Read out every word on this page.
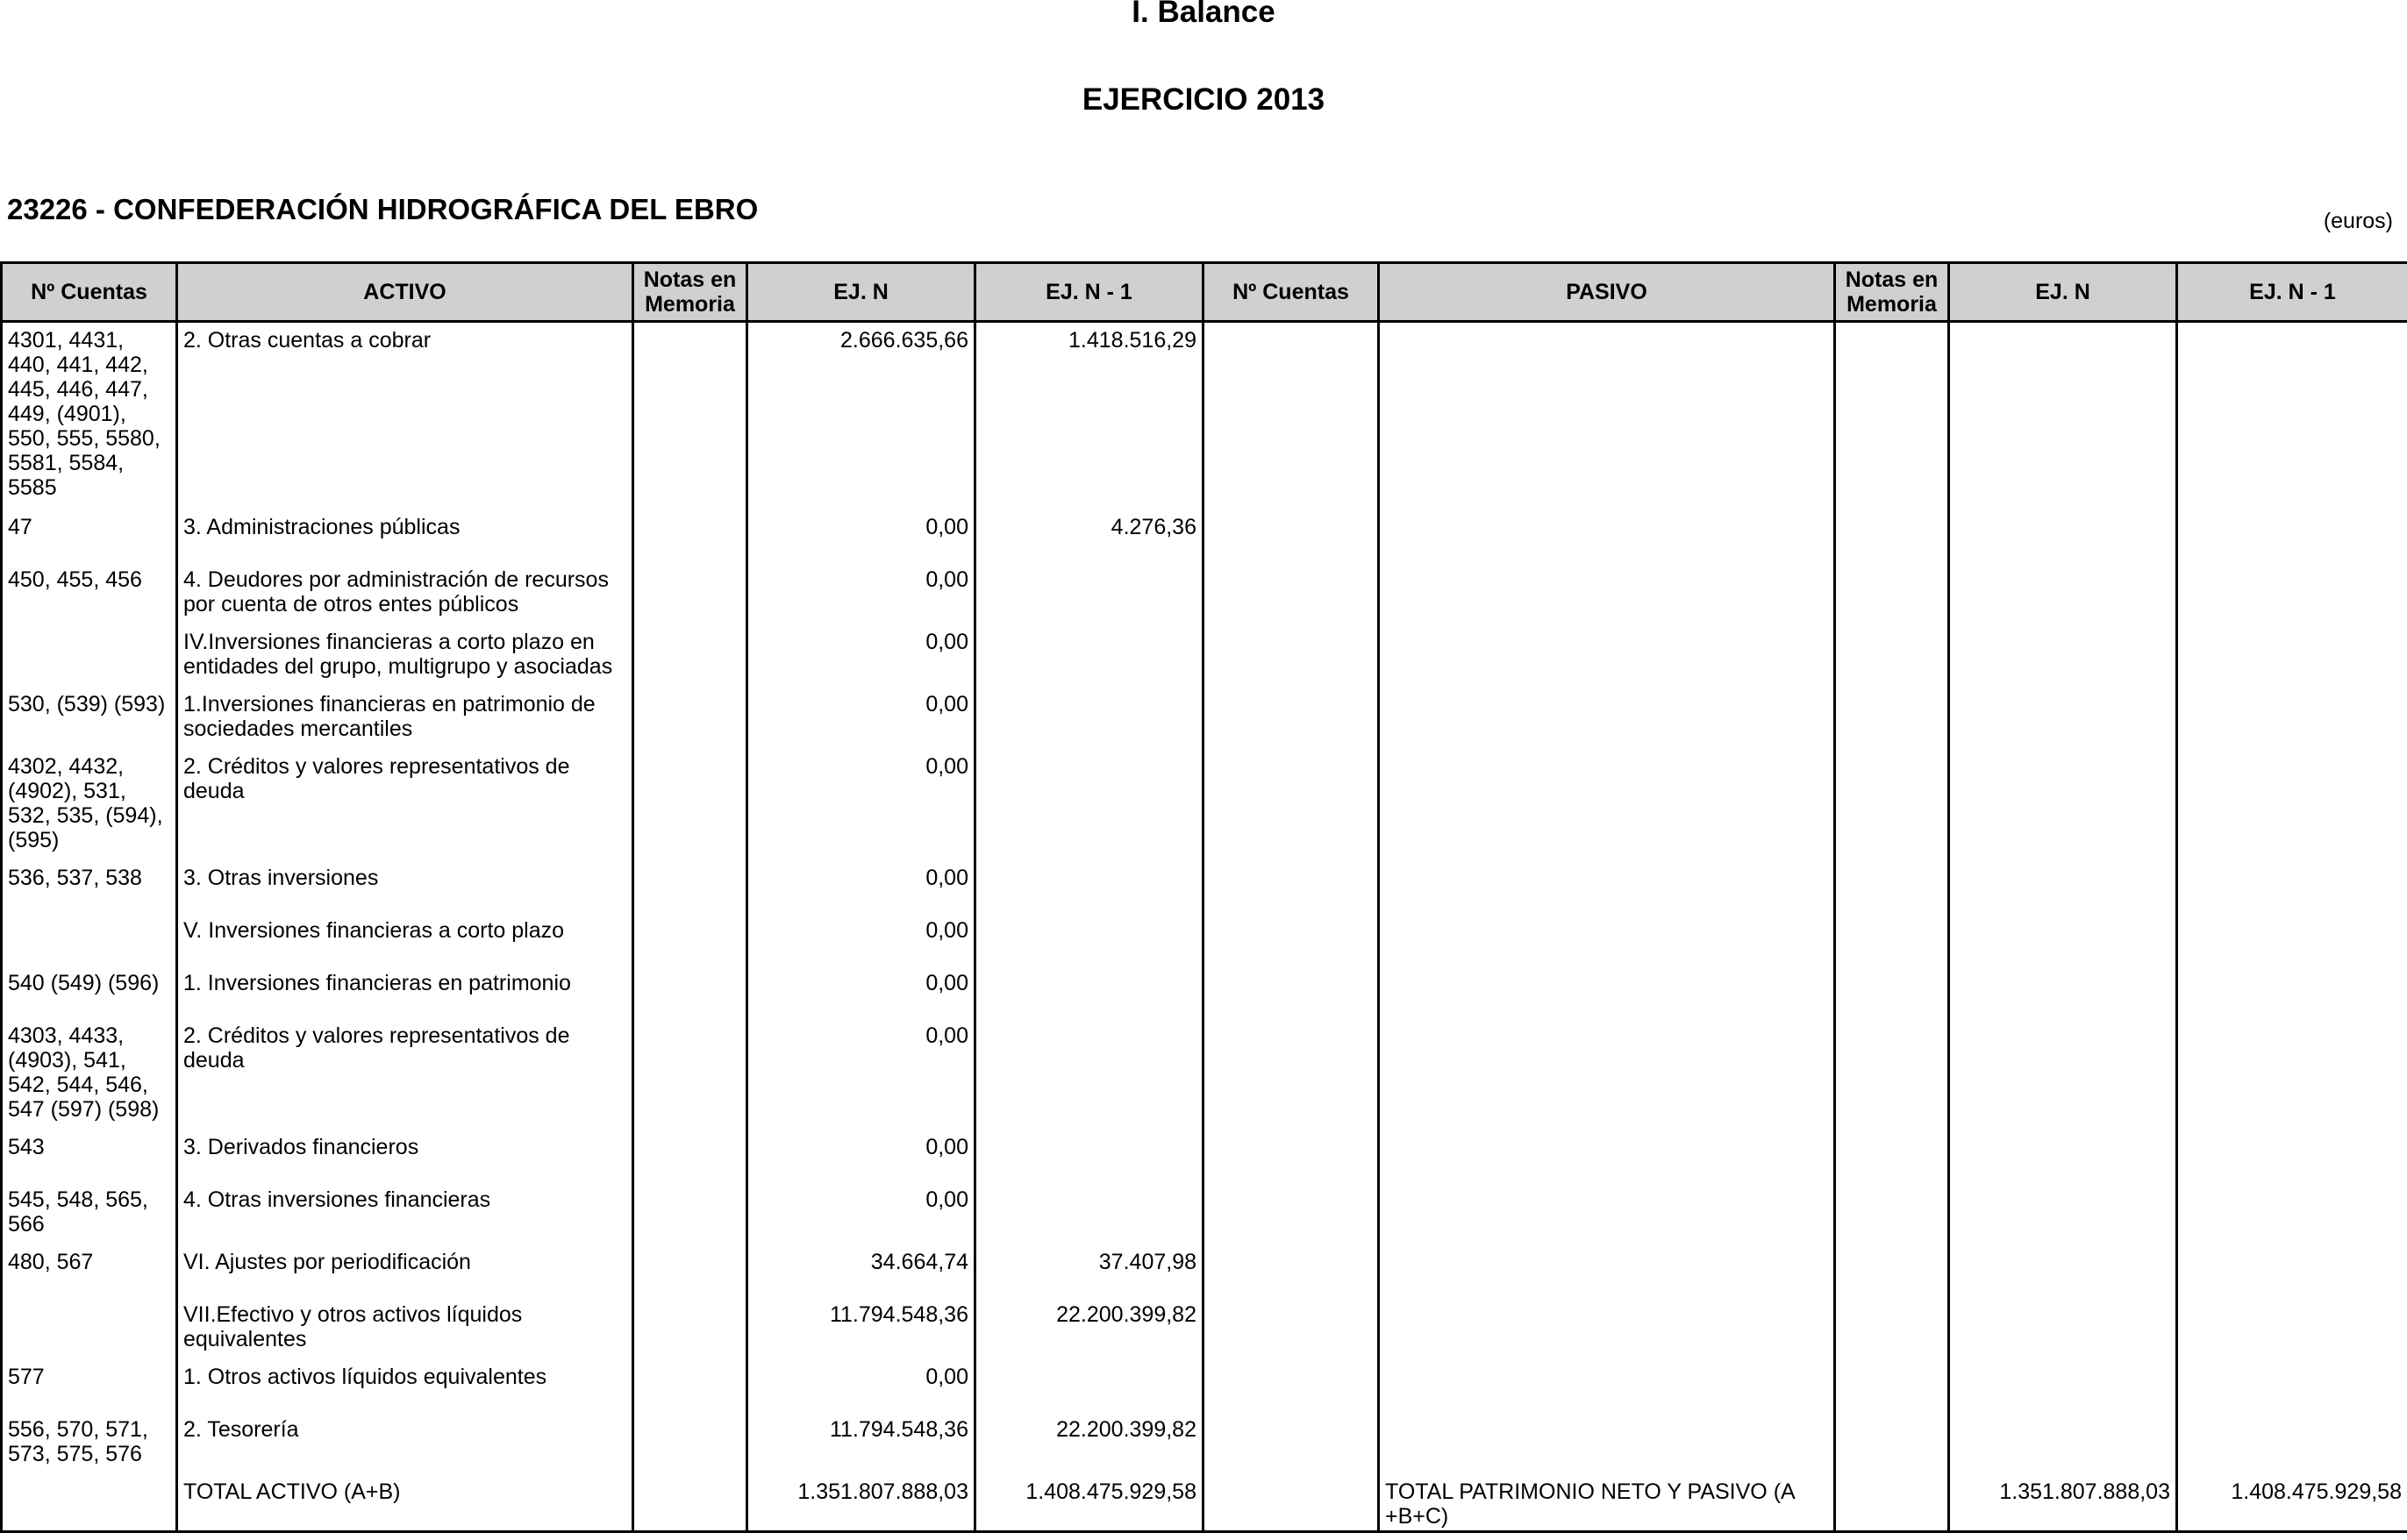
I. Balance
EJERCICIO 2013
23226 - CONFEDERACIÓN HIDROGRÁFICA DEL EBRO	(euros)
Nº Cuentas	ACTIVO	Notas en Memoria	EJ. N	EJ. N - 1	Nº Cuentas	PASIVO	Notas en Memoria	EJ. N	EJ. N - 1
4301, 4431, 440, 441, 442, 445, 446, 447, 449, (4901), 550, 555, 5580, 5581, 5584, 5585	2. Otras cuentas a cobrar		2.666.635,66	1.418.516,29					
47	3. Administraciones públicas		0,00	4.276,36					
450, 455, 456	4. Deudores por administración de recursos por cuenta de otros entes públicos		0,00						
	IV.Inversiones financieras a corto plazo en entidades del grupo, multigrupo y asociadas		0,00						
530, (539) (593)	1.Inversiones financieras en patrimonio de sociedades mercantiles		0,00						
4302, 4432, (4902), 531, 532, 535, (594), (595)	2. Créditos y valores representativos de deuda		0,00						
536, 537, 538	3. Otras inversiones		0,00						
	V. Inversiones financieras a corto plazo		0,00						
540 (549) (596)	1. Inversiones financieras en patrimonio		0,00						
4303, 4433, (4903), 541, 542, 544, 546, 547 (597) (598)	2. Créditos y valores representativos de deuda		0,00						
543	3. Derivados financieros		0,00						
545, 548, 565, 566	4. Otras inversiones financieras		0,00						
480, 567	VI. Ajustes por periodificación		34.664,74	37.407,98					
	VII.Efectivo y otros activos líquidos equivalentes		11.794.548,36	22.200.399,82					
577	1. Otros activos líquidos equivalentes		0,00						
556, 570, 571, 573, 575, 576	2. Tesorería		11.794.548,36	22.200.399,82					
	TOTAL ACTIVO (A+B)		1.351.807.888,03	1.408.475.929,58		TOTAL PATRIMONIO NETO Y PASIVO (A +B+C)		1.351.807.888,03	1.408.475.929,58
